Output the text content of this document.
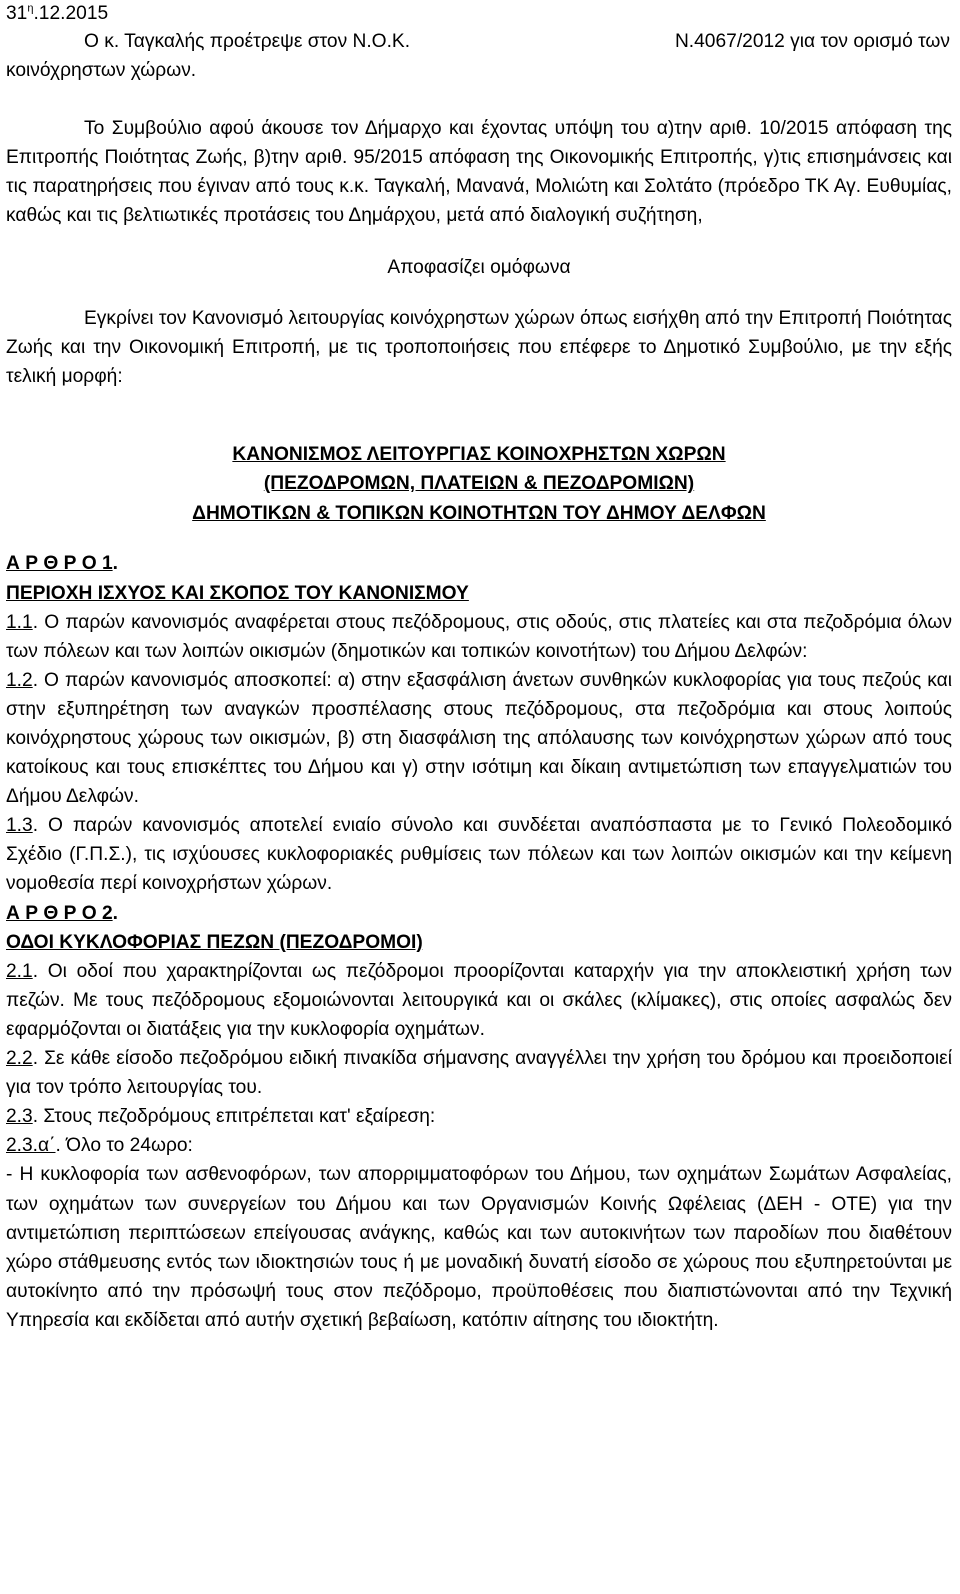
$31^\eta.12.2015$

Ο κ. Ταγκαλής προέτρεψε στον Ν.Ο.Κ.	Ν.4067/2012 για τον ορισμό των

κοινόχρηστων χώρων.

Το Συμβούλιο αφού άκουσε τον Δήμαρχο και έχοντας υπόψη του α)την αριθ. 10/2015 απόφαση της Επιτροπής Ποιότητας Ζωής, β)την αριθ. 95/2015 απόφαση της Οικονομικής Επιτροπής, γ)τις επισημάνσεις και τις παρατηρήσεις που έγιναν από τους κ.κ. Ταγκαλή, Μανανά, Μολιώτη και Σολτάτο (πρόεδρο ΤΚ Αγ. Ευθυμίας, καθώς και τις βελτιωτικές προτάσεις του Δημάρχου, μετά από διαλογική συζήτηση,

Αποφασίζει ομόφωνα

Εγκρίνει τον Κανονισμό λειτουργίας κοινόχρηστων χώρων όπως εισήχθη από την Επιτροπή Ποιότητας Ζωής και την Οικονομική Επιτροπή, με τις τροποποιήσεις που επέφερε το Δημοτικό Συμβούλιο, με την εξής τελική μορφή:

ΚΑΝΟΝΙΣΜΟΣ ΛΕΙΤΟΥΡΓΙΑΣ ΚΟΙΝΟΧΡΗΣΤΩΝ ΧΩΡΩΝ

(ΠΕΖΟΔΡΟΜΩΝ, ΠΛΑΤΕΙΩΝ & ΠΕΖΟΔΡΟΜΙΩΝ)

ΔΗΜΟΤΙΚΩΝ & ΤΟΠΙΚΩΝ ΚΟΙΝΟΤΗΤΩΝ ΤΟΥ ΔΗΜΟΥ ΔΕΛΦΩΝ

Α Ρ Θ Ρ Ο 1.

ΠΕΡΙΟΧΗ ΙΣΧΥΟΣ ΚΑΙ ΣΚΟΠΟΣ ΤΟΥ ΚΑΝΟΝΙΣΜΟΥ

1.1. Ο παρών κανονισμός αναφέρεται στους πεζόδρομους, στις οδούς, στις πλατείες και στα πεζοδρόμια όλων των πόλεων και των λοιπών οικισμών (δημοτικών και τοπικών κοινοτήτων) του Δήμου Δελφών:

1.2. Ο παρών κανονισμός αποσκοπεί: α) στην εξασφάλιση άνετων συνθηκών κυκλοφορίας για τους πεζούς και στην εξυπηρέτηση των αναγκών προσπέλασης στους πεζόδρομους, στα πεζοδρόμια και στους λοιπούς κοινόχρηστους χώρους των οικισμών, β) στη διασφάλιση της απόλαυσης των κοινόχρηστων χώρων από τους κατοίκους και τους επισκέπτες του Δήμου και γ) στην ισότιμη και δίκαιη αντιμετώπιση των επαγγελματιών του Δήμου Δελφών.

1.3. Ο παρών κανονισμός αποτελεί ενιαίο σύνολο και συνδέεται αναπόσπαστα με το Γενικό Πολεοδομικό Σχέδιο (Γ.Π.Σ.), τις ισχύουσες κυκλοφοριακές ρυθμίσεις των πόλεων και των λοιπών οικισμών και την κείμενη νομοθεσία περί κοινοχρήστων χώρων.

Α Ρ Θ Ρ Ο 2.

ΟΔΟΙ ΚΥΚΛΟΦΟΡΙΑΣ ΠΕΖΩΝ (ΠΕΖΟΔΡΟΜΟΙ)

2.1. Οι οδοί που χαρακτηρίζονται ως πεζόδρομοι προορίζονται καταρχήν για την αποκλειστική χρήση των πεζών. Με τους πεζόδρομους εξομοιώνονται λειτουργικά και οι σκάλες (κλίμακες), στις οποίες ασφαλώς δεν εφαρμόζονται οι διατάξεις για την κυκλοφορία οχημάτων.

2.2. Σε κάθε είσοδο πεζοδρόμου ειδική πινακίδα σήμανσης αναγγέλλει την χρήση του δρόμου και προειδοποιεί για τον τρόπο λειτουργίας του.

2.3. Στους πεζοδρόμους επιτρέπεται κατ' εξαίρεση:

2.3.α΄. Όλο το 24ωρο:

- Η κυκλοφορία των ασθενοφόρων, των απορριμματοφόρων του Δήμου, των οχημάτων Σωμάτων Ασφαλείας, των οχημάτων των συνεργείων του Δήμου και των Οργανισμών Κοινής Ωφέλειας (ΔΕΗ - ΟΤΕ) για την αντιμετώπιση περιπτώσεων επείγουσας ανάγκης, καθώς και των αυτοκινήτων των παροδίων που διαθέτουν χώρο στάθμευσης εντός των ιδιοκτησιών τους ή με μοναδική δυνατή είσοδο σε χώρους που εξυπηρετούνται με αυτοκίνητο από την πρόσωψή τους στον πεζόδρομο, προϋποθέσεις που διαπιστώνονται από την Τεχνική Υπηρεσία και εκδίδεται από αυτήν σχετική βεβαίωση, κατόπιν αίτησης του ιδιοκτήτη.
